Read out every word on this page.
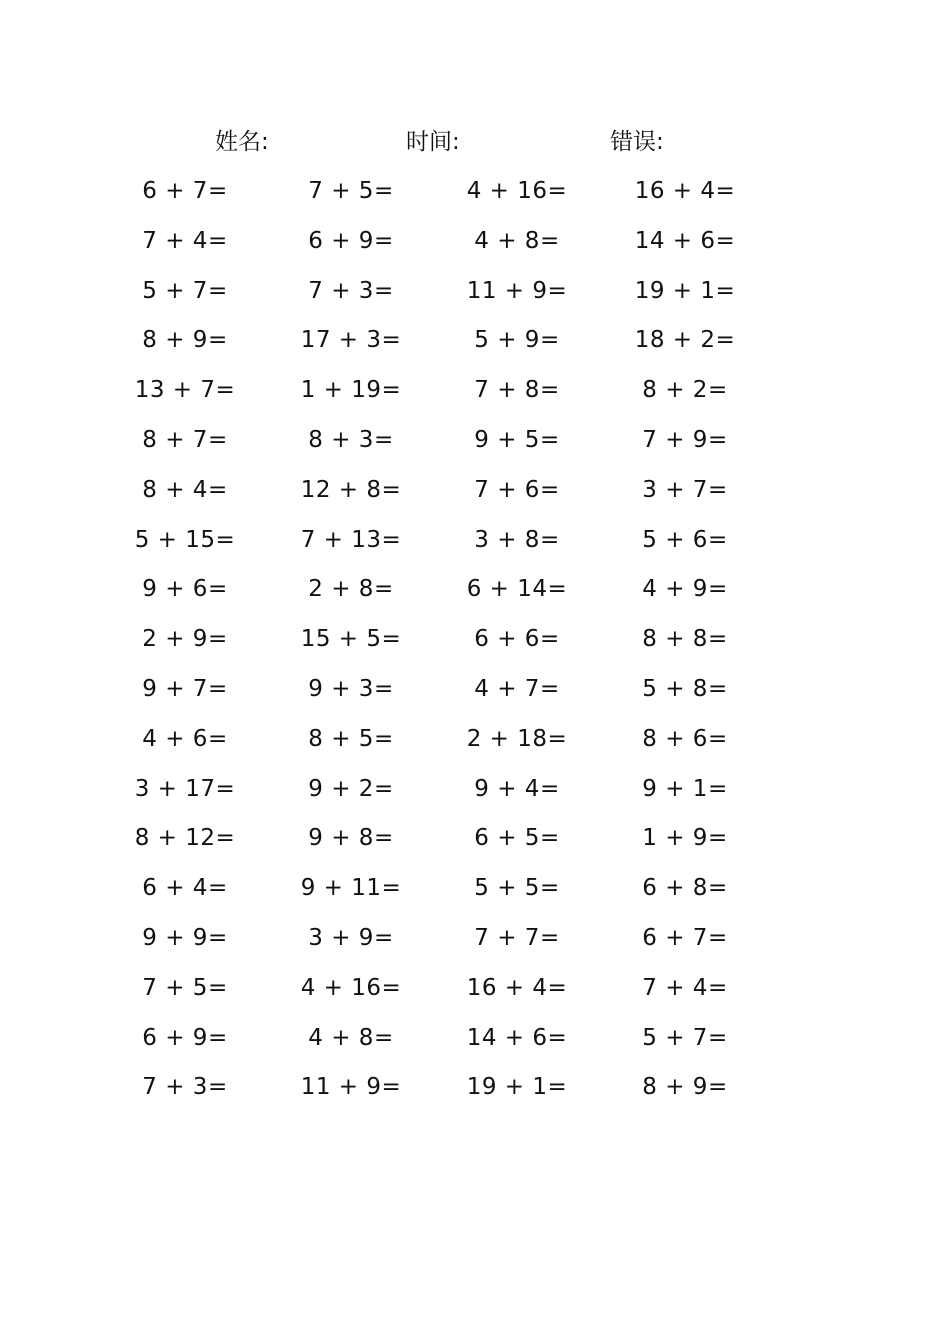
姓名:	时间:	错误:
6 + 7=	7 + 5=	4 + 16=	16 + 4=
7 + 4=	6 + 9=	4 + 8=	14 + 6=
5 + 7=	7 + 3=	11 + 9=	19 + 1=
8 + 9=	17 + 3=	5 + 9=	18 + 2=
13 + 7=	1 + 19=	7 + 8=	8 + 2=
8 + 7=	8 + 3=	9 + 5=	7 + 9=
8 + 4=	12 + 8=	7 + 6=	3 + 7=
5 + 15=	7 + 13=	3 + 8=	5 + 6=
9 + 6=	2 + 8=	6 + 14=	4 + 9=
2 + 9=	15 + 5=	6 + 6=	8 + 8=
9 + 7=	9 + 3=	4 + 7=	5 + 8=
4 + 6=	8 + 5=	2 + 18=	8 + 6=
3 + 17=	9 + 2=	9 + 4=	9 + 1=
8 + 12=	9 + 8=	6 + 5=	1 + 9=
6 + 4=	9 + 11=	5 + 5=	6 + 8=
9 + 9=	3 + 9=	7 + 7=	6 + 7=
7 + 5=	4 + 16=	16 + 4=	7 + 4=
6 + 9=	4 + 8=	14 + 6=	5 + 7=
7 + 3=	11 + 9=	19 + 1=	8 + 9=
